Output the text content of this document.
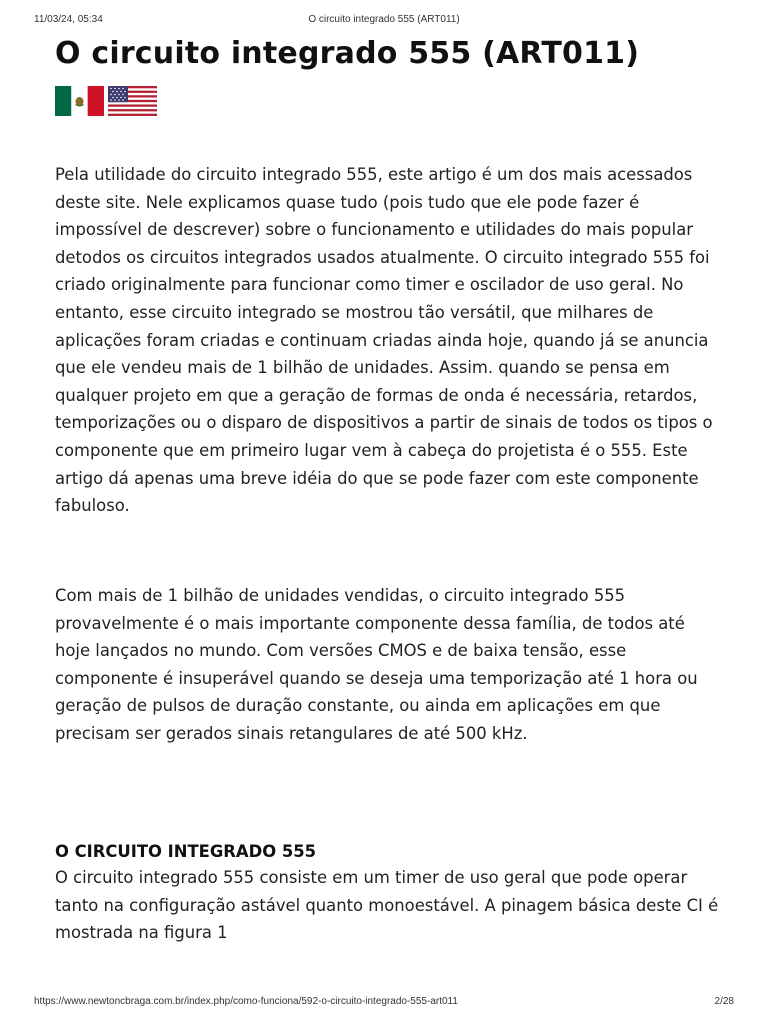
11/03/24, 05:34	O circuito integrado 555 (ART011)
O circuito integrado 555 (ART011)

Pela utilidade do circuito integrado 555, este artigo é um dos mais acessados deste site. Nele explicamos quase tudo (pois tudo que ele pode fazer é impossível de descrever) sobre o funcionamento e utilidades do mais popular detodos os circuitos integrados usados atualmente. O circuito integrado 555 foi criado originalmente para funcionar como timer e oscilador de uso geral. No entanto, esse circuito integrado se mostrou tão versátil, que milhares de aplicações foram criadas e continuam criadas ainda hoje, quando já se anuncia que ele vendeu mais de 1 bilhão de unidades. Assim. quando se pensa em qualquer projeto em que a geração de formas de onda é necessária, retardos, temporizações ou o disparo de dispositivos a partir de sinais de todos os tipos o componente que em primeiro lugar vem à cabeça do projetista é o 555. Este artigo dá apenas uma breve idéia do que se pode fazer com este componente fabuloso.

Com mais de 1 bilhão de unidades vendidas, o circuito integrado 555 provavelmente é o mais importante componente dessa família, de todos até hoje lançados no mundo. Com versões CMOS e de baixa tensão, esse componente é insuperável quando se deseja uma temporização até 1 hora ou geração de pulsos de duração constante, ou ainda em aplicações em que precisam ser gerados sinais retangulares de até 500 kHz.

O CIRCUITO INTEGRADO 555

O circuito integrado 555 consiste em um timer de uso geral que pode operar tanto na configuração astável quanto monoestável. A pinagem básica deste CI é mostrada na figura 1

https://www.newtoncbraga.com.br/index.php/como-funciona/592-o-circuito-integrado-555-art011	2/28
